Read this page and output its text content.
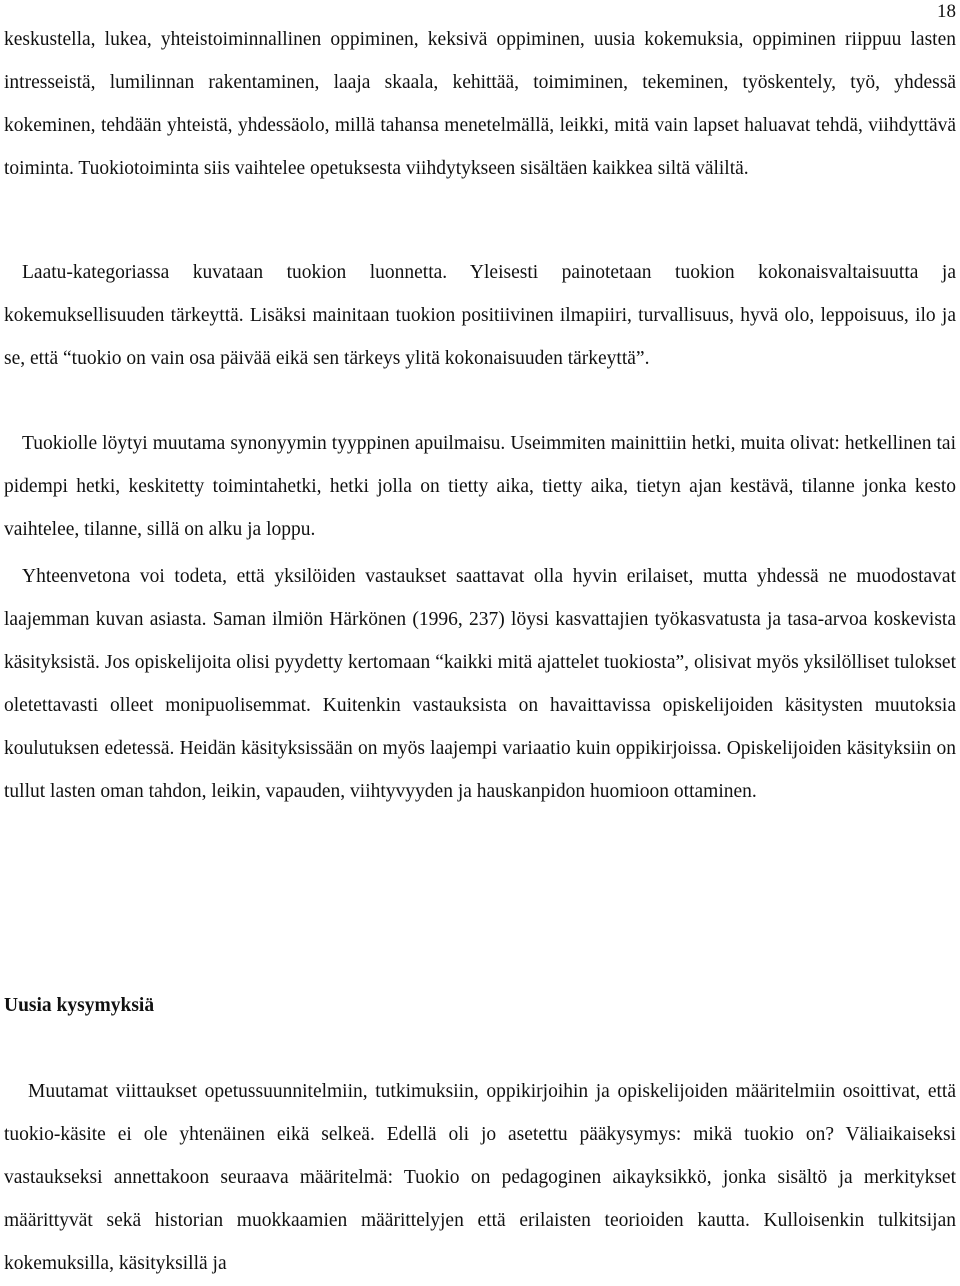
18

keskustella, lukea, yhteistoiminnallinen oppiminen, keksivä oppiminen, uusia kokemuksia, oppiminen riippuu lasten intresseistä, lumilinnan rakentaminen, laaja skaala, kehittää, toimiminen, tekeminen, työskentely, työ, yhdessä kokeminen, tehdään yhteistä, yhdessäolo, millä tahansa menetelmällä, leikki, mitä vain lapset haluavat tehdä, viihdyttävä toiminta. Tuokiotoiminta siis vaihtelee opetuksesta viihdytykseen sisältäen kaikkea siltä väliltä.

Laatu-kategoriassa kuvataan tuokion luonnetta. Yleisesti painotetaan tuokion kokonaisvaltaisuutta ja kokemuksellisuuden tärkeyttä. Lisäksi mainitaan tuokion positiivinen ilmapiiri, turvallisuus, hyvä olo, leppoisuus, ilo ja se, että “tuokio on vain osa päivää eikä sen tärkeys ylitä kokonaisuuden tärkeyttä”.

Tuokiolle löytyi muutama synonyymin tyyppinen apuilmaisu. Useimmiten mainittiin hetki, muita olivat: hetkellinen tai pidempi hetki, keskitetty toimintahetki, hetki jolla on tietty aika, tietty aika, tietyn ajan kestävä, tilanne jonka kesto vaihtelee, tilanne, sillä on alku ja loppu.

Yhteenvetona voi todeta, että yksilöiden vastaukset saattavat olla hyvin erilaiset, mutta yhdessä ne muodostavat laajemman kuvan asiasta. Saman ilmiön Härkönen (1996, 237) löysi kasvattajien työkasvatusta ja tasa-arvoa koskevista käsityksistä. Jos opiskelijoita olisi pyydetty kertomaan “kaikki mitä ajattelet tuokiosta”, olisivat myös yksilölliset tulokset oletettavasti olleet monipuolisemmat. Kuitenkin vastauksista on havaittavissa opiskelijoiden käsitysten muutoksia koulutuksen edetessä. Heidän käsityksissään on myös laajempi variaatio kuin oppikirjoissa. Opiskelijoiden käsityksiin on tullut lasten oman tahdon, leikin, vapauden, viihtyvyyden ja hauskanpidon huomioon ottaminen.

Uusia kysymyksiä

Muutamat viittaukset opetussuunnitelmiin, tutkimuksiin, oppikirjoihin ja opiskelijoiden määritelmiin osoittivat, että tuokio-käsite ei ole yhtenäinen eikä selkeä. Edellä oli jo asetettu pääkysymys: mikä tuokio on? Väliaikaiseksi vastaukseksi annettakoon seuraava määritelmä: Tuokio on pedagoginen aikayksikkö, jonka sisältö ja merkitykset määrittyvät sekä historian muokkaamien määrittelyjen että erilaisten teorioiden kautta. Kulloisenkin tulkitsijan kokemuksilla, käsityksillä ja
